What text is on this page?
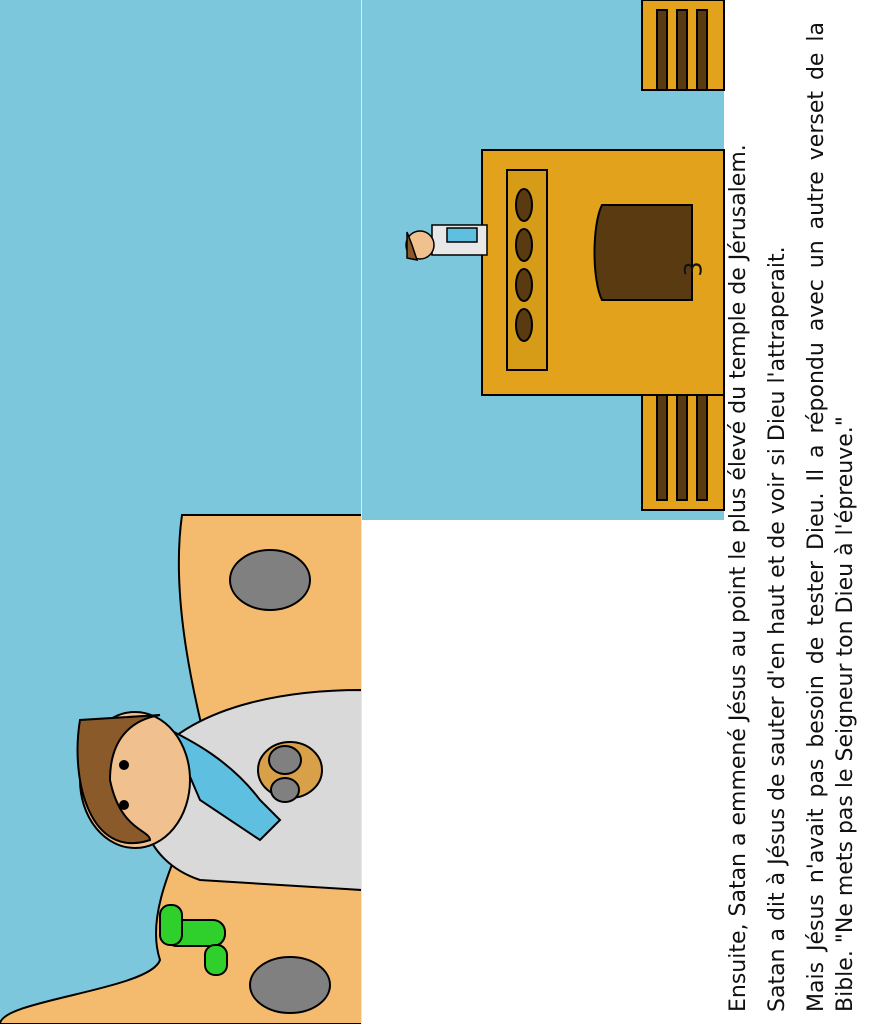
Ensuite, Satan a emmené Jésus au point le plus élevé du temple de Jérusalem. Satan a dit à Jésus de sauter d'en haut et de voir si Dieu l'attraperait. Mais Jésus n'avait pas besoin de tester Dieu. Il a répondu avec un autre verset de la Bible. "Ne mets pas le Seigneur ton Dieu à l'épreuve."

3
